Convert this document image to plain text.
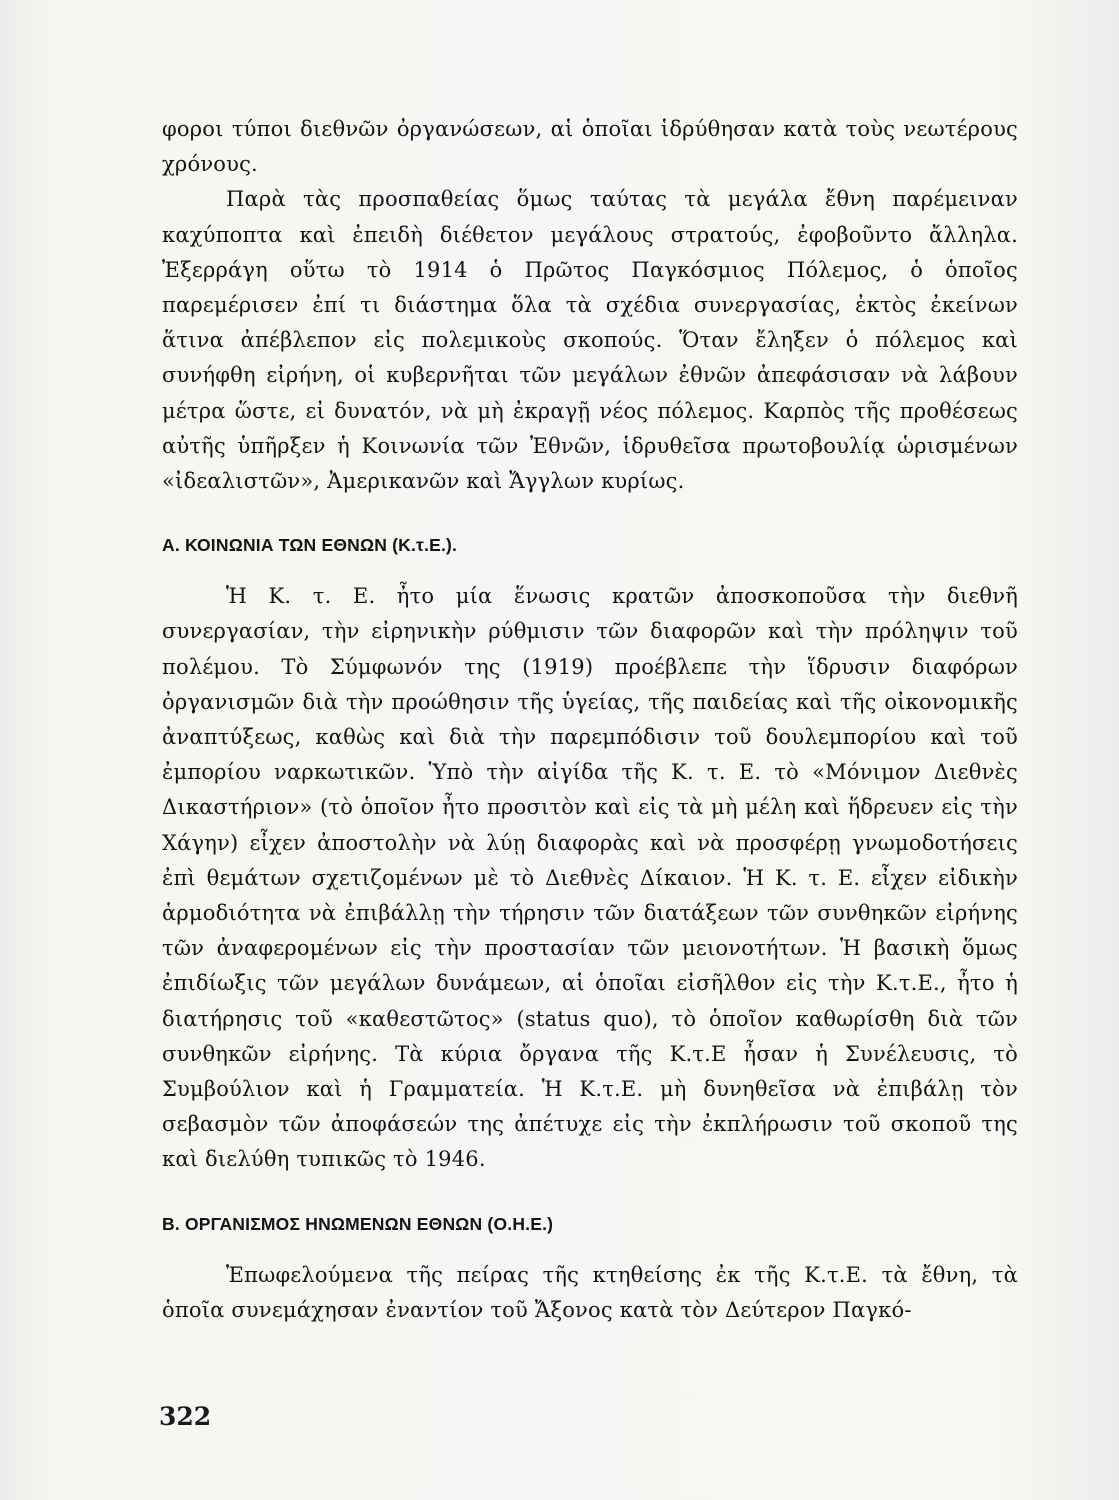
φοροι τύποι διεθνῶν ὀργανώσεων, αἱ ὁποῖαι ἱδρύθησαν κατὰ τοὺς νεωτέρους χρόνους.

Παρὰ τὰς προσπαθείας ὅμως ταύτας τὰ μεγάλα ἔθνη παρέμειναν καχύποπτα καὶ ἐπειδὴ διέθετον μεγάλους στρατούς, ἐφοβοῦντο ἄλληλα. Ἐξερράγη οὕτω τὸ 1914 ὁ Πρῶτος Παγκόσμιος Πόλεμος, ὁ ὁποῖος παρεμέρισεν ἐπί τι διάστημα ὅλα τὰ σχέδια συνεργασίας, ἐκτὸς ἐκείνων ἅτινα ἀπέβλεπον εἰς πολεμικοὺς σκοπούς. Ὅταν ἔληξεν ὁ πόλεμος καὶ συνήφθη εἰρήνη, οἱ κυβερνῆται τῶν μεγάλων ἐθνῶν ἀπεφάσισαν νὰ λάβουν μέτρα ὥστε, εἰ δυνατόν, νὰ μὴ ἐκραγῇ νέος πόλεμος. Καρπὸς τῆς προθέσεως αὐτῆς ὑπῆρξεν ἡ Κοινωνία τῶν Ἐθνῶν, ἱδρυθεῖσα πρωτοβουλίᾳ ὡρισμένων «ἰδεαλιστῶν», Ἀμερικανῶν καὶ Ἄγγλων κυρίως.

Α. ΚΟΙΝΩΝΙΑ ΤΩΝ ΕΘΝΩΝ (Κ.τ.Ε.).

Ἡ Κ. τ. Ε. ἦτο μία ἕνωσις κρατῶν ἀποσκοποῦσα τὴν διεθνῆ συνεργασίαν, τὴν εἰρηνικὴν ρύθμισιν τῶν διαφορῶν καὶ τὴν πρόληψιν τοῦ πολέμου. Τὸ Σύμφωνόν της (1919) προέβλεπε τὴν ἵδρυσιν διαφόρων ὀργανισμῶν διὰ τὴν προώθησιν τῆς ὑγείας, τῆς παιδείας καὶ τῆς οἰκονομικῆς ἀναπτύξεως, καθὼς καὶ διὰ τὴν παρεμπόδισιν τοῦ δουλεμπορίου καὶ τοῦ ἐμπορίου ναρκωτικῶν. Ὑπὸ τὴν αἰγίδα τῆς Κ. τ. Ε. τὸ «Μόνιμον Διεθνὲς Δικαστήριον» (τὸ ὁποῖον ἦτο προσιτὸν καὶ εἰς τὰ μὴ μέλη καὶ ἥδρευεν εἰς τὴν Χάγην) εἶχεν ἀποστολὴν νὰ λύῃ διαφορὰς καὶ νὰ προσφέρῃ γνωμοδοτήσεις ἐπὶ θεμάτων σχετιζομένων μὲ τὸ Διεθνὲς Δίκαιον. Ἡ Κ. τ. Ε. εἶχεν εἰδικὴν ἁρμοδιότητα νὰ ἐπιβάλλῃ τὴν τήρησιν τῶν διατάξεων τῶν συνθηκῶν εἰρήνης τῶν ἀναφερομένων εἰς τὴν προστασίαν τῶν μειονοτήτων. Ἡ βασικὴ ὅμως ἐπιδίωξις τῶν μεγάλων δυνάμεων, αἱ ὁποῖαι εἰσῆλθον εἰς τὴν Κ.τ.Ε., ἦτο ἡ διατήρησις τοῦ «καθεστῶτος» (status quo), τὸ ὁποῖον καθωρίσθη διὰ τῶν συνθηκῶν εἰρήνης. Τὰ κύρια ὄργανα τῆς Κ.τ.Ε ἦσαν ἡ Συνέλευσις, τὸ Συμβούλιον καὶ ἡ Γραμματεία. Ἡ Κ.τ.Ε. μὴ δυνηθεῖσα νὰ ἐπιβάλῃ τὸν σεβασμὸν τῶν ἀποφάσεών της ἀπέτυχε εἰς τὴν ἐκπλήρωσιν τοῦ σκοποῦ της καὶ διελύθη τυπικῶς τὸ 1946.

Β. ΟΡΓΑΝΙΣΜΟΣ ΗΝΩΜΕΝΩΝ ΕΘΝΩΝ (Ο.Η.Ε.)

Ἐπωφελούμενα τῆς πείρας τῆς κτηθείσης ἐκ τῆς Κ.τ.Ε. τὰ ἔθνη, τὰ ὁποῖα συνεμάχησαν ἐναντίον τοῦ Ἄξονος κατὰ τὸν Δεύτερον Παγκό-

322
